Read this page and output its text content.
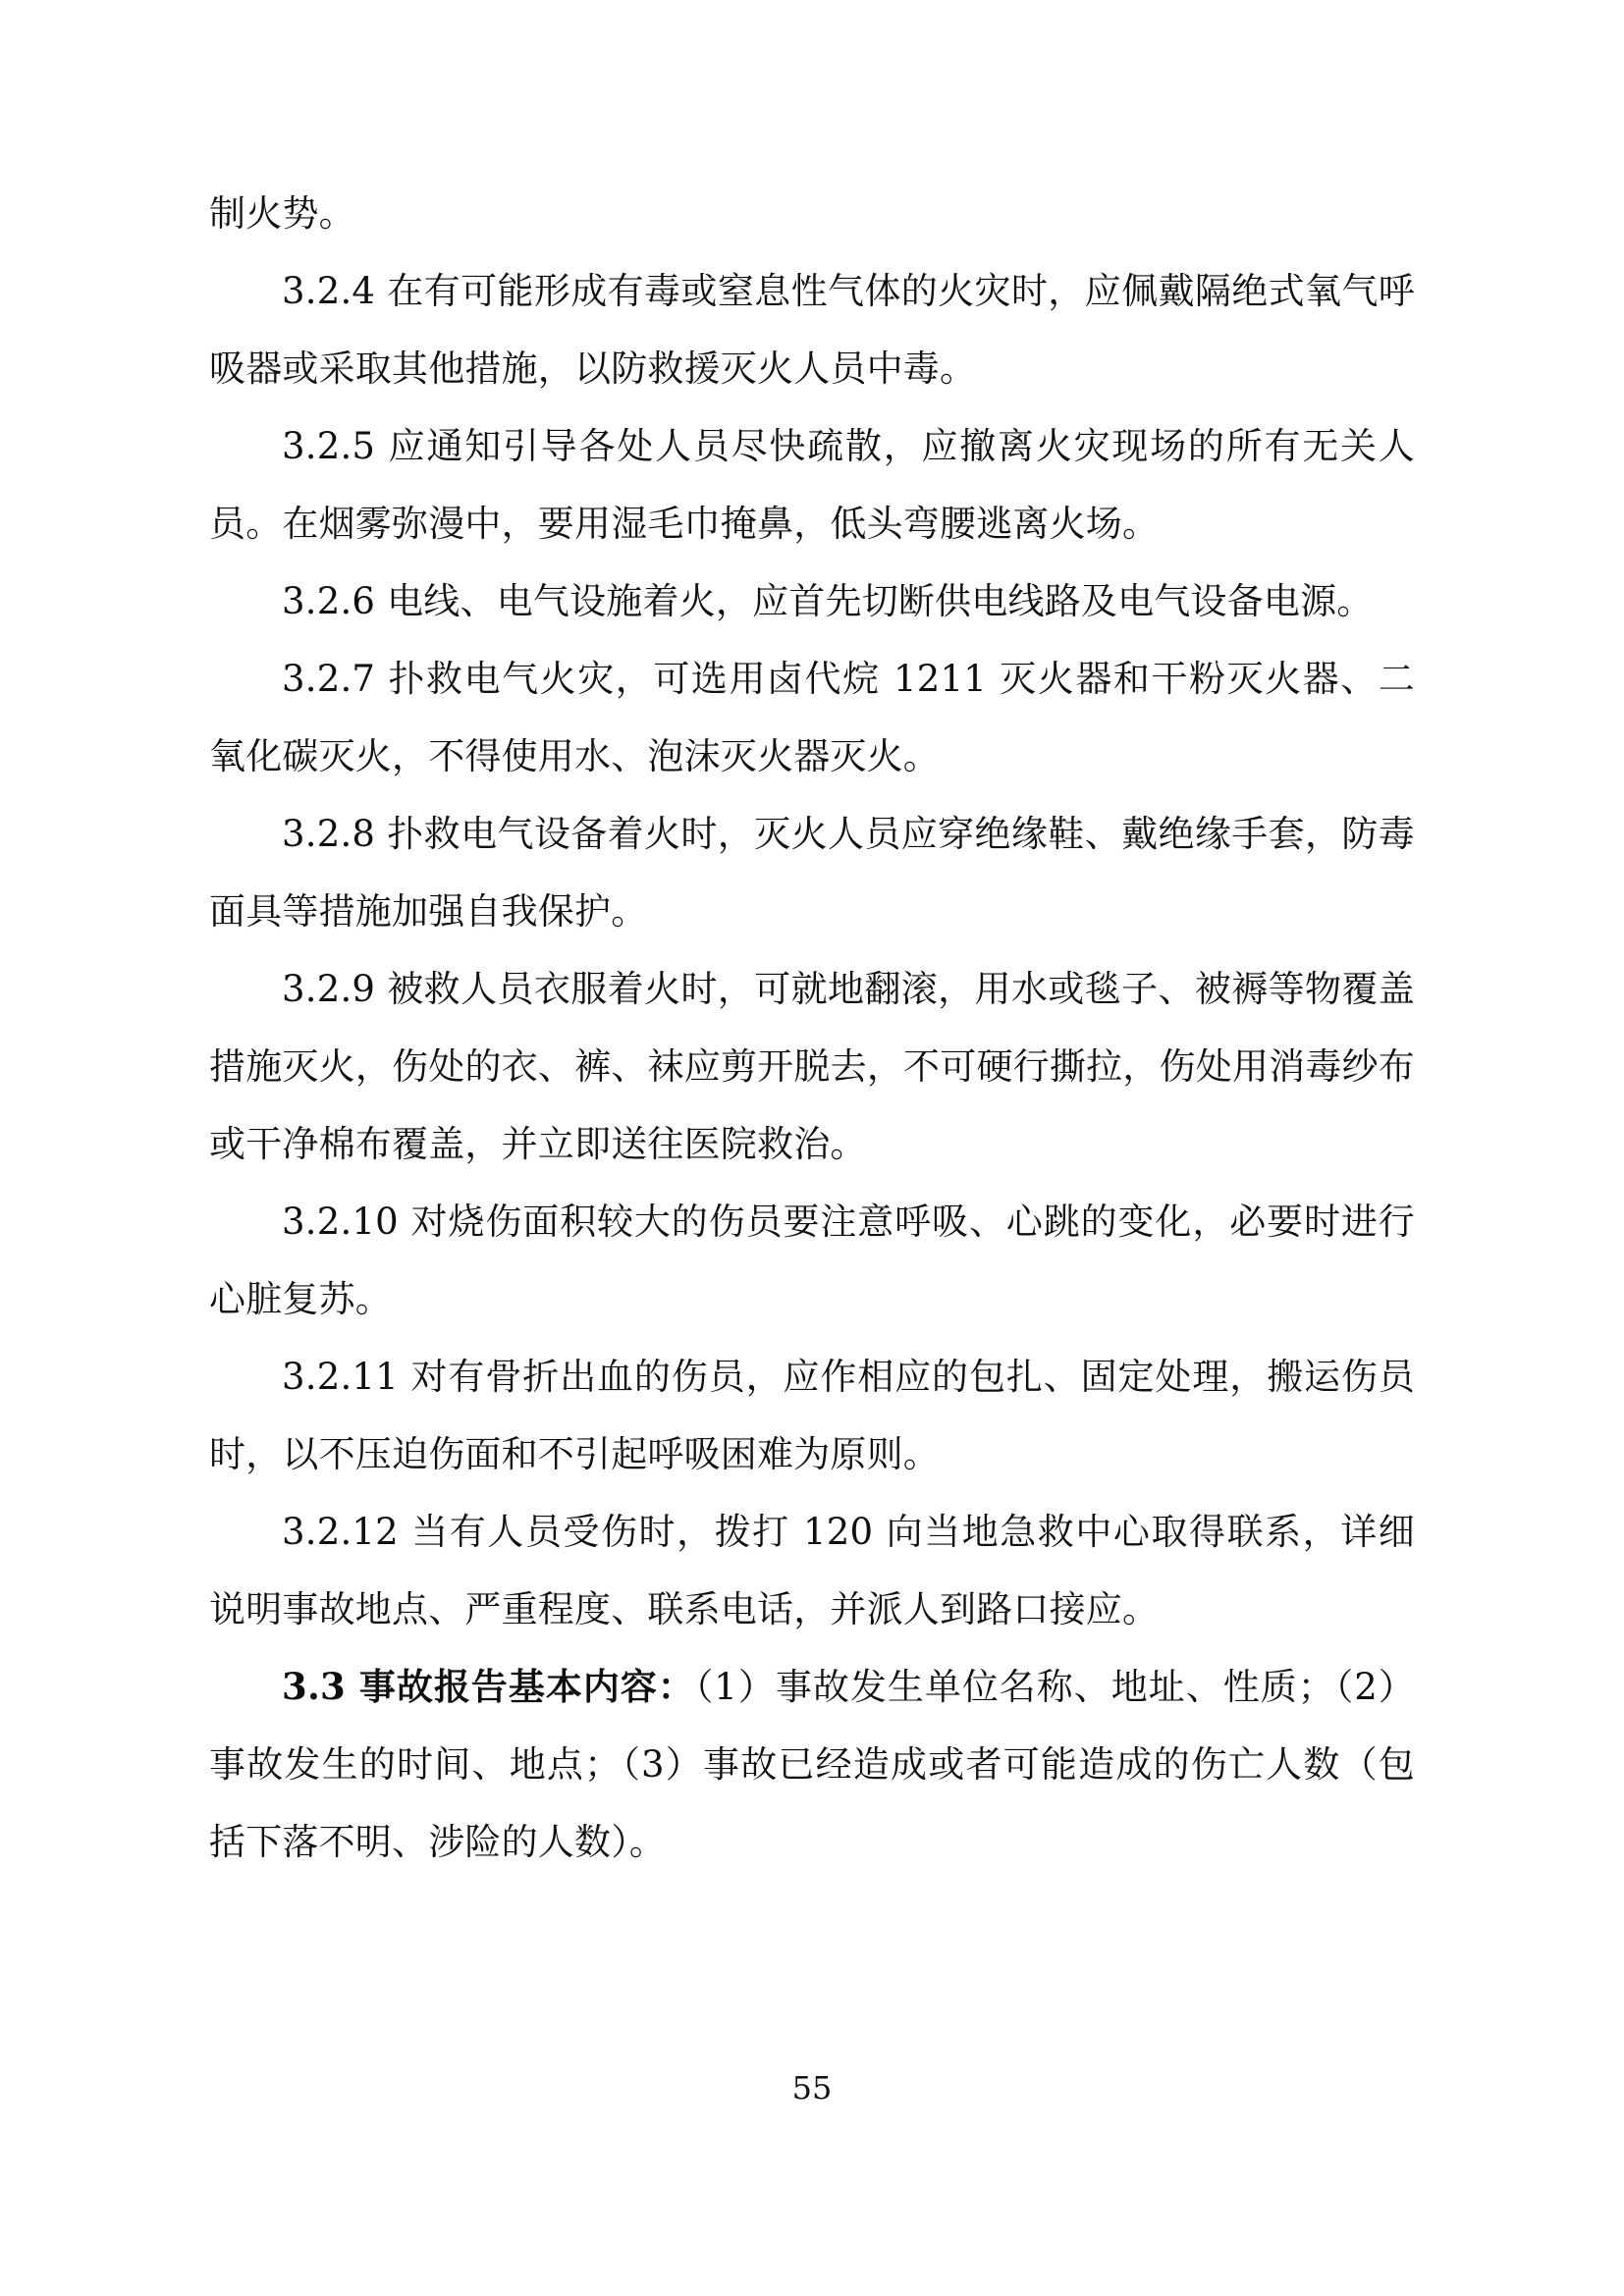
制火势。

3.2.4 在有可能形成有毒或窒息性气体的火灾时，应佩戴隔绝式氧气呼吸器或采取其他措施，以防救援灭火人员中毒。

3.2.5 应通知引导各处人员尽快疏散，应撤离火灾现场的所有无关人员。在烟雾弥漫中，要用湿毛巾掩鼻，低头弯腰逃离火场。

3.2.6 电线、电气设施着火，应首先切断供电线路及电气设备电源。

3.2.7 扑救电气火灾，可选用卤代烷 1211 灭火器和干粉灭火器、二氧化碳灭火，不得使用水、泡沫灭火器灭火。

3.2.8 扑救电气设备着火时，灭火人员应穿绝缘鞋、戴绝缘手套，防毒面具等措施加强自我保护。

3.2.9 被救人员衣服着火时，可就地翻滚，用水或毯子、被褥等物覆盖措施灭火，伤处的衣、裤、袜应剪开脱去，不可硬行撕拉，伤处用消毒纱布或干净棉布覆盖，并立即送往医院救治。

3.2.10 对烧伤面积较大的伤员要注意呼吸、心跳的变化，必要时进行心脏复苏。

3.2.11 对有骨折出血的伤员，应作相应的包扎、固定处理，搬运伤员时，以不压迫伤面和不引起呼吸困难为原则。

3.2.12 当有人员受伤时，拨打 120 向当地急救中心取得联系，详细说明事故地点、严重程度、联系电话，并派人到路口接应。

3.3 事故报告基本内容：（1）事故发生单位名称、地址、性质；（2）事故发生的时间、地点；（3）事故已经造成或者可能造成的伤亡人数（包括下落不明、涉险的人数）。

55
